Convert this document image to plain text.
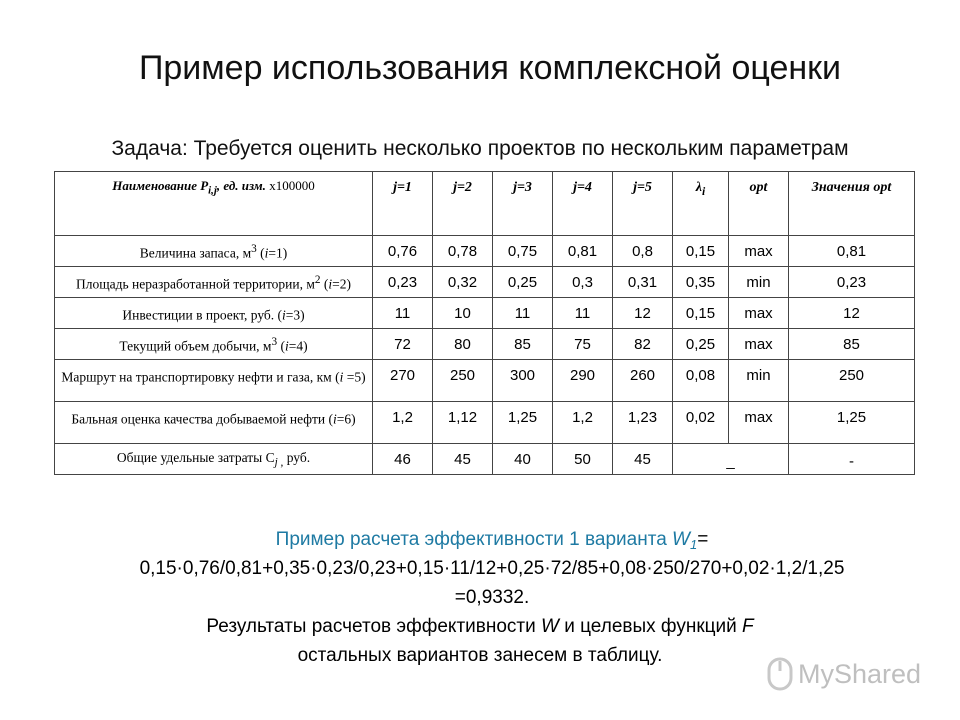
Пример использования комплексной оценки
Задача: Требуется оценить несколько проектов по нескольким параметрам
Наименование $P_{i,j}$, ед. изм. х100000	j=1	j=2	j=3	j=4	j=5	$\lambda_i$	opt	Значения opt
Величина запаса, $м^3$ (i=1)	0,76	0,78	0,75	0,81	0,8	0,15	max	0,81
Площадь неразработанной территории, $м^2$ (i=2)	0,23	0,32	0,25	0,3	0,31	0,35	min	0,23
Инвестиции в проект, руб. (i=3)	11	10	11	11	12	0,15	max	12
Текущий объем добычи, $м^3$ (i=4)	72	80	85	75	82	0,25	max	85
Маршрут на транспортировку нефти и газа, км (i =5)	270	250	300	290	260	0,08	min	250
Бальная оценка качества добываемой нефти (i=6)	1,2	1,12	1,25	1,2	1,23	0,02	max	1,25
Общие удельные затраты $C_{j ,}$ руб.	46	45	40	50	45	_		-
Пример расчета эффективности 1 варианта $W_1=$
0,15·0,76/0,81+0,35·0,23/0,23+0,15·11/12+0,25·72/85+0,08·250/270+0,02·1,2/1,25
=0,9332.
Результаты расчетов эффективности W и целевых функций F
остальных вариантов занесем в таблицу.
MyShared
